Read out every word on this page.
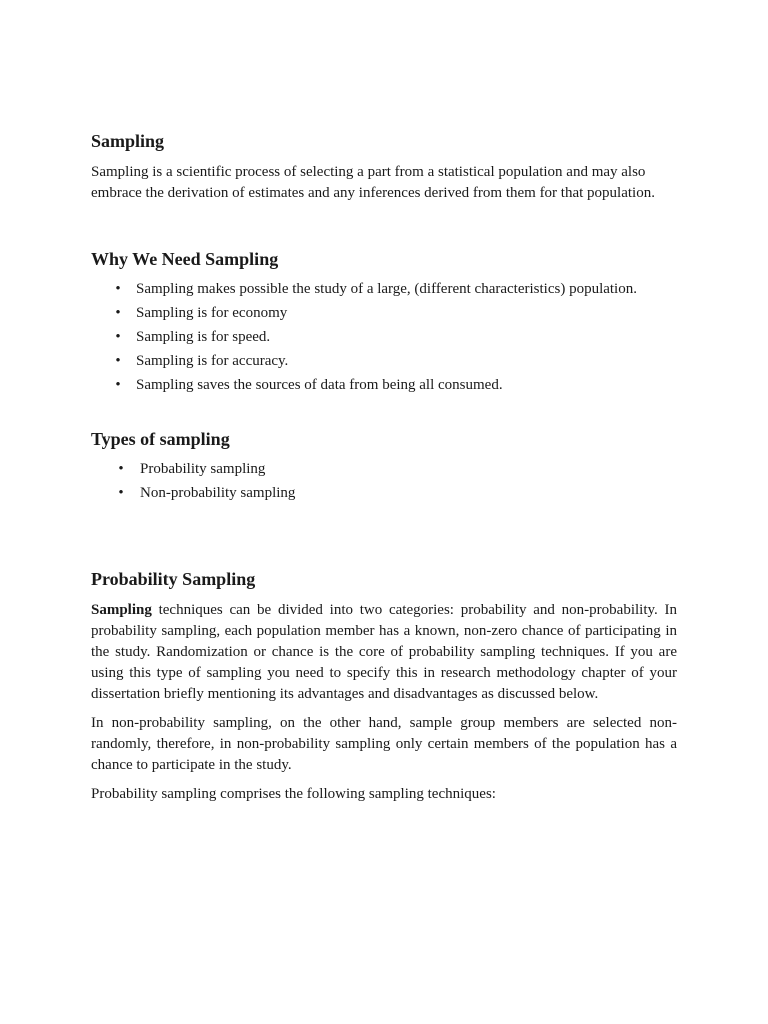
Sampling

Sampling is a scientific process of selecting a part from a statistical population and may also embrace the derivation of estimates and any inferences derived from them for that population.

Why We Need Sampling
• Sampling makes possible the study of a large, (different characteristics) population.
• Sampling is for economy
• Sampling is for speed.
• Sampling is for accuracy.
• Sampling saves the sources of data from being all consumed.
Types of sampling
• Probability sampling
• Non-probability sampling
Probability Sampling

Sampling techniques can be divided into two categories: probability and non-probability. In probability sampling, each population member has a known, non-zero chance of participating in the study. Randomization or chance is the core of probability sampling techniques. If you are using this type of sampling you need to specify this in research methodology chapter of your dissertation briefly mentioning its advantages and disadvantages as discussed below.

In non-probability sampling, on the other hand, sample group members are selected non-randomly, therefore, in non-probability sampling only certain members of the population has a chance to participate in the study.

Probability sampling comprises the following sampling techniques:
